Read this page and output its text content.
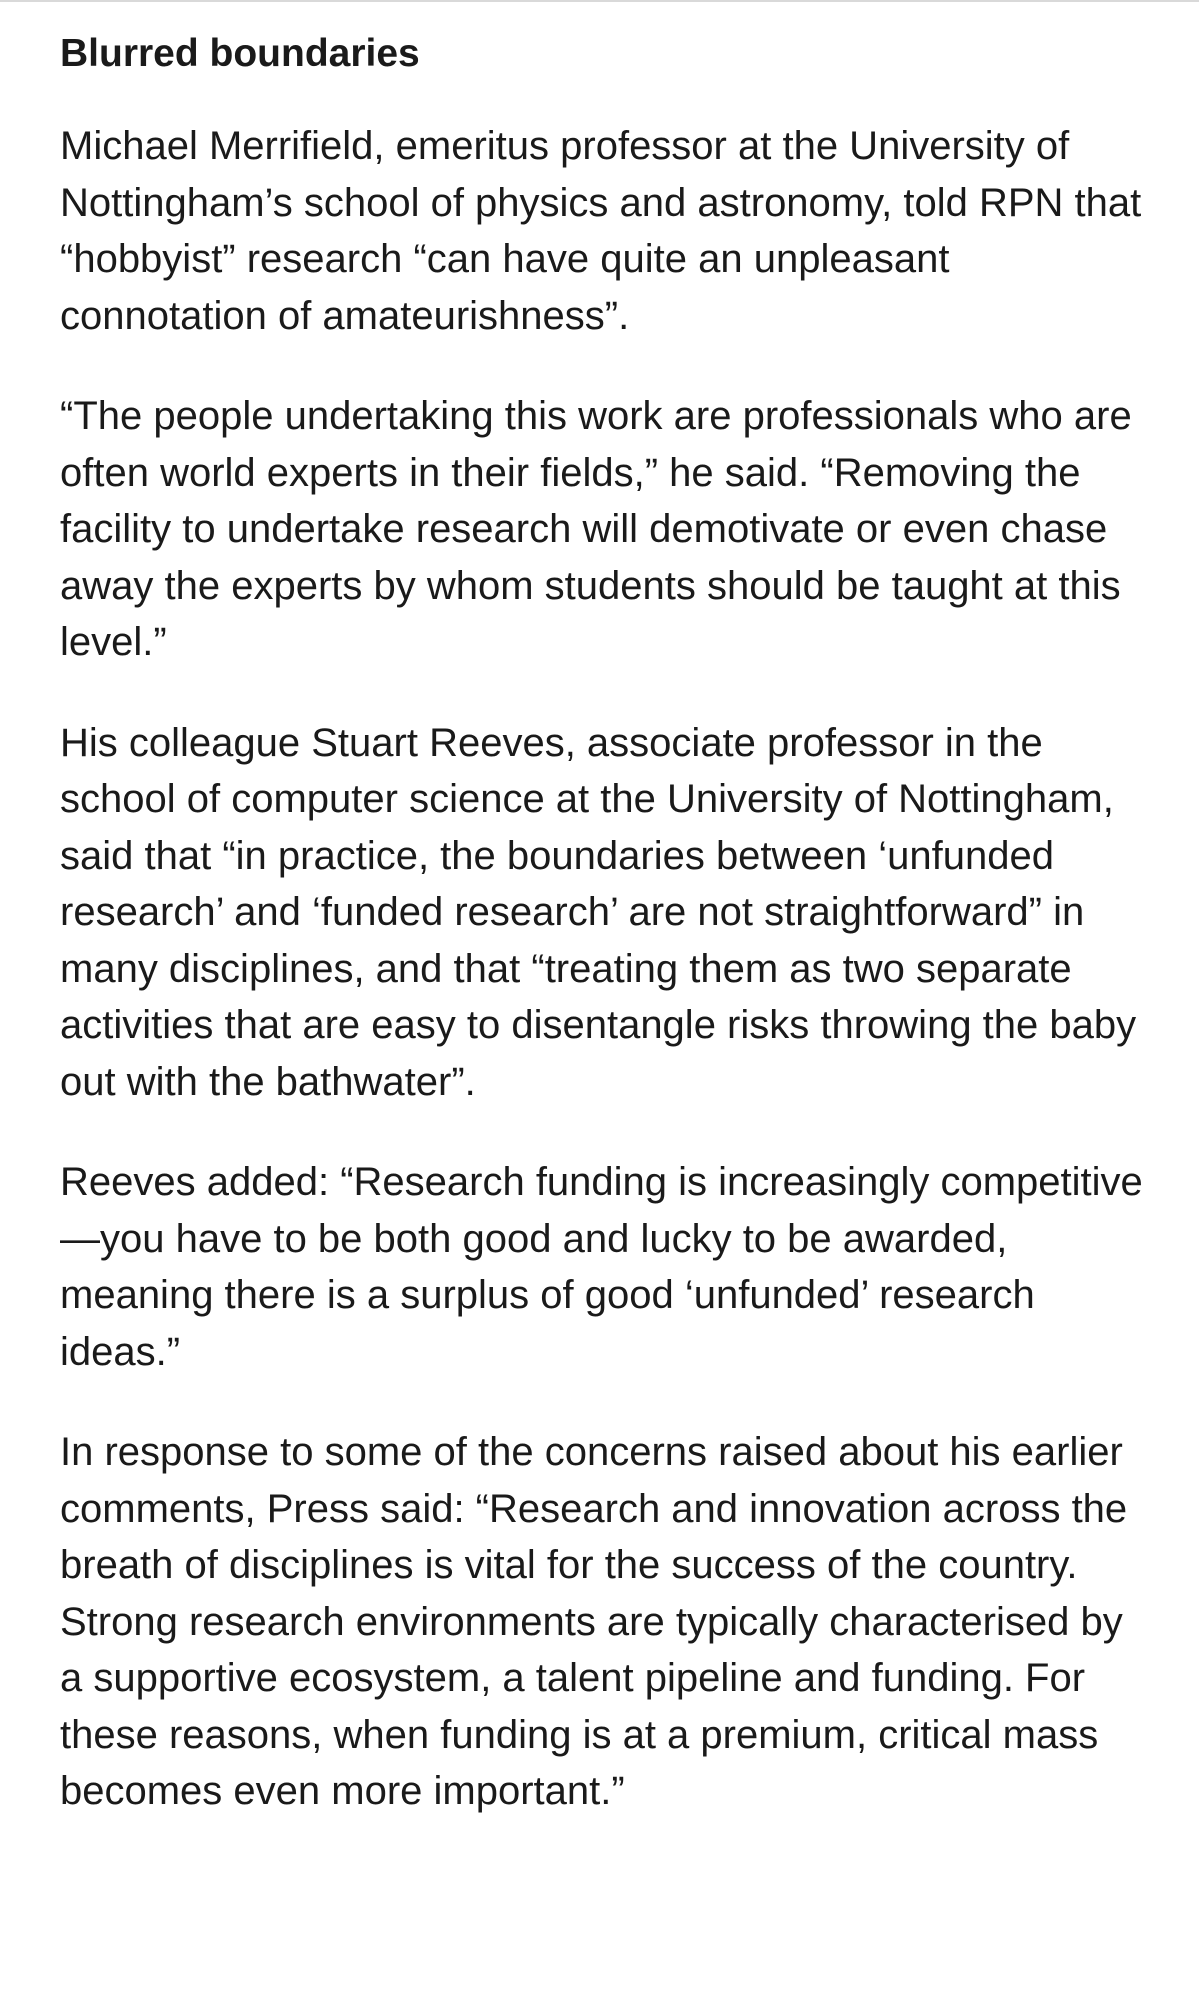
Blurred boundaries

Michael Merrifield, emeritus professor at the University of Nottingham’s school of physics and astronomy, told RPN that “hobbyist” research “can have quite an unpleasant connotation of amateurishness”.

“The people undertaking this work are professionals who are often world experts in their fields,” he said. “Removing the facility to undertake research will demotivate or even chase away the experts by whom students should be taught at this level.”

His colleague Stuart Reeves, associate professor in the school of computer science at the University of Nottingham, said that “in practice, the boundaries between ‘unfunded research’ and ‘funded research’ are not straightforward” in many disciplines, and that “treating them as two separate activities that are easy to disentangle risks throwing the baby out with the bathwater”.

Reeves added: “Research funding is increasingly competitive—you have to be both good and lucky to be awarded, meaning there is a surplus of good ‘unfunded’ research ideas.”

In response to some of the concerns raised about his earlier comments, Press said: “Research and innovation across the breath of disciplines is vital for the success of the country. Strong research environments are typically characterised by a supportive ecosystem, a talent pipeline and funding. For these reasons, when funding is at a premium, critical mass becomes even more important.”
